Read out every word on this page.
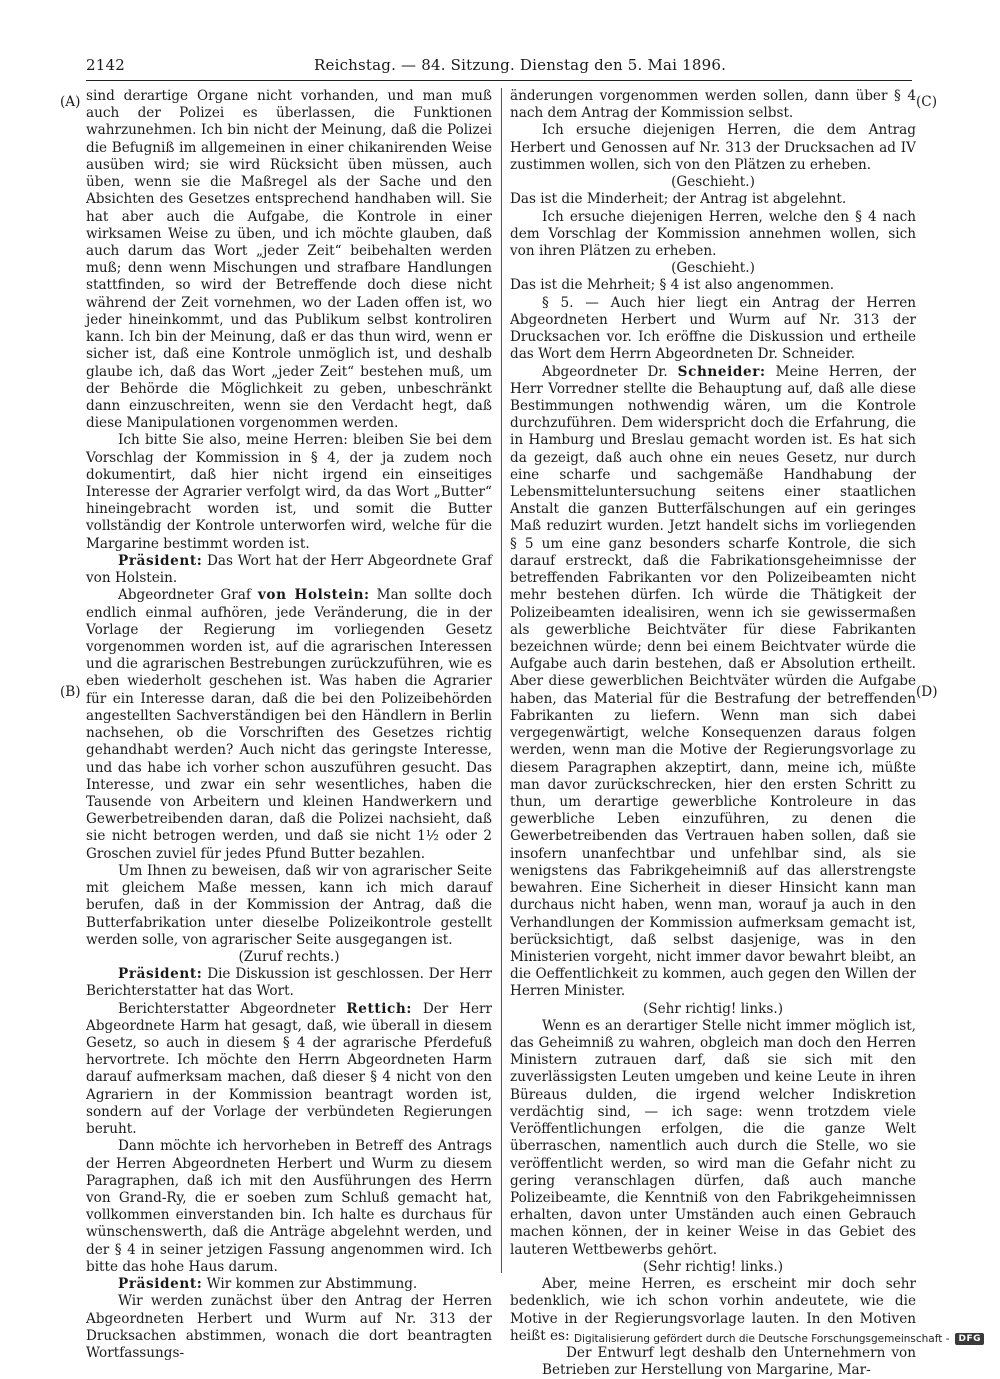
2142	Reichstag. — 84. Sitzung. Dienstag den 5. Mai 1896.
(A)
(B)
(C)
(D)

sind derartige Organe nicht vorhanden, und man muß auch der Polizei es überlassen, die Funktionen wahrzunehmen. Ich bin nicht der Meinung, daß die Polizei die Befugniß im allgemeinen in einer chikanirenden Weise ausüben wird; sie wird Rücksicht üben müssen, auch üben, wenn sie die Maßregel als der Sache und den Absichten des Gesetzes entsprechend handhaben will. Sie hat aber auch die Aufgabe, die Kontrole in einer wirksamen Weise zu üben, und ich möchte glauben, daß auch darum das Wort „jeder Zeit“ beibehalten werden muß; denn wenn Mischungen und strafbare Handlungen stattfinden, so wird der Betreffende doch diese nicht während der Zeit vornehmen, wo der Laden offen ist, wo jeder hineinkommt, und das Publikum selbst kontroliren kann. Ich bin der Meinung, daß er das thun wird, wenn er sicher ist, daß eine Kontrole unmöglich ist, und deshalb glaube ich, daß das Wort „jeder Zeit“ bestehen muß, um der Behörde die Möglichkeit zu geben, unbeschränkt dann einzuschreiten, wenn sie den Verdacht hegt, daß diese Manipulationen vorgenommen werden.

Ich bitte Sie also, meine Herren: bleiben Sie bei dem Vorschlag der Kommission in § 4, der ja zudem noch dokumentirt, daß hier nicht irgend ein einseitiges Interesse der Agrarier verfolgt wird, da das Wort „Butter“ hineingebracht worden ist, und somit die Butter vollständig der Kontrole unterworfen wird, welche für die Margarine bestimmt worden ist.

Präsident: Das Wort hat der Herr Abgeordnete Graf von Holstein.

Abgeordneter Graf von Holstein: Man sollte doch endlich einmal aufhören, jede Veränderung, die in der Vorlage der Regierung im vorliegenden Gesetz vorgenommen worden ist, auf die agrarischen Interessen und die agrarischen Bestrebungen zurückzuführen, wie es eben wiederholt geschehen ist. Was haben die Agrarier für ein Interesse daran, daß die bei den Polizeibehörden angestellten Sachverständigen bei den Händlern in Berlin nachsehen, ob die Vorschriften des Gesetzes richtig gehandhabt werden? Auch nicht das geringste Interesse, und das habe ich vorher schon auszuführen gesucht. Das Interesse, und zwar ein sehr wesentliches, haben die Tausende von Arbeitern und kleinen Handwerkern und Gewerbetreibenden daran, daß die Polizei nachsieht, daß sie nicht betrogen werden, und daß sie nicht 1½ oder 2 Groschen zuviel für jedes Pfund Butter bezahlen.

Um Ihnen zu beweisen, daß wir von agrarischer Seite mit gleichem Maße messen, kann ich mich darauf berufen, daß in der Kommission der Antrag, daß die Butterfabrikation unter dieselbe Polizeikontrole gestellt werden solle, von agrarischer Seite ausgegangen ist.

(Zuruf rechts.)

Präsident: Die Diskussion ist geschlossen. Der Herr Berichterstatter hat das Wort.

Berichterstatter Abgeordneter Rettich: Der Herr Abgeordnete Harm hat gesagt, daß, wie überall in diesem Gesetz, so auch in diesem § 4 der agrarische Pferdefuß hervortrete. Ich möchte den Herrn Abgeordneten Harm darauf aufmerksam machen, daß dieser § 4 nicht von den Agrariern in der Kommission beantragt worden ist, sondern auf der Vorlage der verbündeten Regierungen beruht.

Dann möchte ich hervorheben in Betreff des Antrags der Herren Abgeordneten Herbert und Wurm zu diesem Paragraphen, daß ich mit den Ausführungen des Herrn von Grand-Ry, die er soeben zum Schluß gemacht hat, vollkommen einverstanden bin. Ich halte es durchaus für wünschenswerth, daß die Anträge abgelehnt werden, und der § 4 in seiner jetzigen Fassung angenommen wird. Ich bitte das hohe Haus darum.

Präsident: Wir kommen zur Abstimmung.

Wir werden zunächst über den Antrag der Herren Abgeordneten Herbert und Wurm auf Nr. 313 der Drucksachen abstimmen, wonach die dort beantragten Wortfassungs-

änderungen vorgenommen werden sollen, dann über § 4 nach dem Antrag der Kommission selbst.

Ich ersuche diejenigen Herren, die dem Antrag Herbert und Genossen auf Nr. 313 der Drucksachen ad IV zustimmen wollen, sich von den Plätzen zu erheben.

(Geschieht.)

Das ist die Minderheit; der Antrag ist abgelehnt.

Ich ersuche diejenigen Herren, welche den § 4 nach dem Vorschlag der Kommission annehmen wollen, sich von ihren Plätzen zu erheben.

(Geschieht.)

Das ist die Mehrheit; § 4 ist also angenommen.

§ 5. — Auch hier liegt ein Antrag der Herren Abgeordneten Herbert und Wurm auf Nr. 313 der Drucksachen vor. Ich eröffne die Diskussion und ertheile das Wort dem Herrn Abgeordneten Dr. Schneider.

Abgeordneter Dr. Schneider: Meine Herren, der Herr Vorredner stellte die Behauptung auf, daß alle diese Bestimmungen nothwendig wären, um die Kontrole durchzuführen. Dem widerspricht doch die Erfahrung, die in Hamburg und Breslau gemacht worden ist. Es hat sich da gezeigt, daß auch ohne ein neues Gesetz, nur durch eine scharfe und sachgemäße Handhabung der Lebensmitteluntersuchung seitens einer staatlichen Anstalt die ganzen Butterfälschungen auf ein geringes Maß reduzirt wurden. Jetzt handelt sichs im vorliegenden § 5 um eine ganz besonders scharfe Kontrole, die sich darauf erstreckt, daß die Fabrikationsgeheimnisse der betreffenden Fabrikanten vor den Polizeibeamten nicht mehr bestehen dürfen. Ich würde die Thätigkeit der Polizeibeamten idealisiren, wenn ich sie gewissermaßen als gewerbliche Beichtväter für diese Fabrikanten bezeichnen würde; denn bei einem Beichtvater würde die Aufgabe auch darin bestehen, daß er Absolution ertheilt. Aber diese gewerblichen Beichtväter würden die Aufgabe haben, das Material für die Bestrafung der betreffenden Fabrikanten zu liefern. Wenn man sich dabei vergegenwärtigt, welche Konsequenzen daraus folgen werden, wenn man die Motive der Regierungsvorlage zu diesem Paragraphen akzeptirt, dann, meine ich, müßte man davor zurückschrecken, hier den ersten Schritt zu thun, um derartige gewerbliche Kontroleure in das gewerbliche Leben einzuführen, zu denen die Gewerbetreibenden das Vertrauen haben sollen, daß sie insofern unanfechtbar und unfehlbar sind, als sie wenigstens das Fabrikgeheimniß auf das allerstrengste bewahren. Eine Sicherheit in dieser Hinsicht kann man durchaus nicht haben, wenn man, worauf ja auch in den Verhandlungen der Kommission aufmerksam gemacht ist, berücksichtigt, daß selbst dasjenige, was in den Ministerien vorgeht, nicht immer davor bewahrt bleibt, an die Oeffentlichkeit zu kommen, auch gegen den Willen der Herren Minister.

(Sehr richtig! links.)

Wenn es an derartiger Stelle nicht immer möglich ist, das Geheimniß zu wahren, obgleich man doch den Herren Ministern zutrauen darf, daß sie sich mit den zuverlässigsten Leuten umgeben und keine Leute in ihren Büreaus dulden, die irgend welcher Indiskretion verdächtig sind, — ich sage: wenn trotzdem viele Veröffentlichungen erfolgen, die die ganze Welt überraschen, namentlich auch durch die Stelle, wo sie veröffentlicht werden, so wird man die Gefahr nicht zu gering veranschlagen dürfen, daß auch manche Polizeibeamte, die Kenntniß von den Fabrikgeheimnissen erhalten, davon unter Umständen auch einen Gebrauch machen können, der in keiner Weise in das Gebiet des lauteren Wettbewerbs gehört.

(Sehr richtig! links.)

Aber, meine Herren, es erscheint mir doch sehr bedenklich, wie ich schon vorhin andeutete, wie die Motive in der Regierungsvorlage lauten. In den Motiven heißt es:

Der Entwurf legt deshalb den Unternehmern von Betrieben zur Herstellung von Margarine, Mar-

Digitalisierung gefördert durch die Deutsche Forschungsgemeinschaft -	DFG
